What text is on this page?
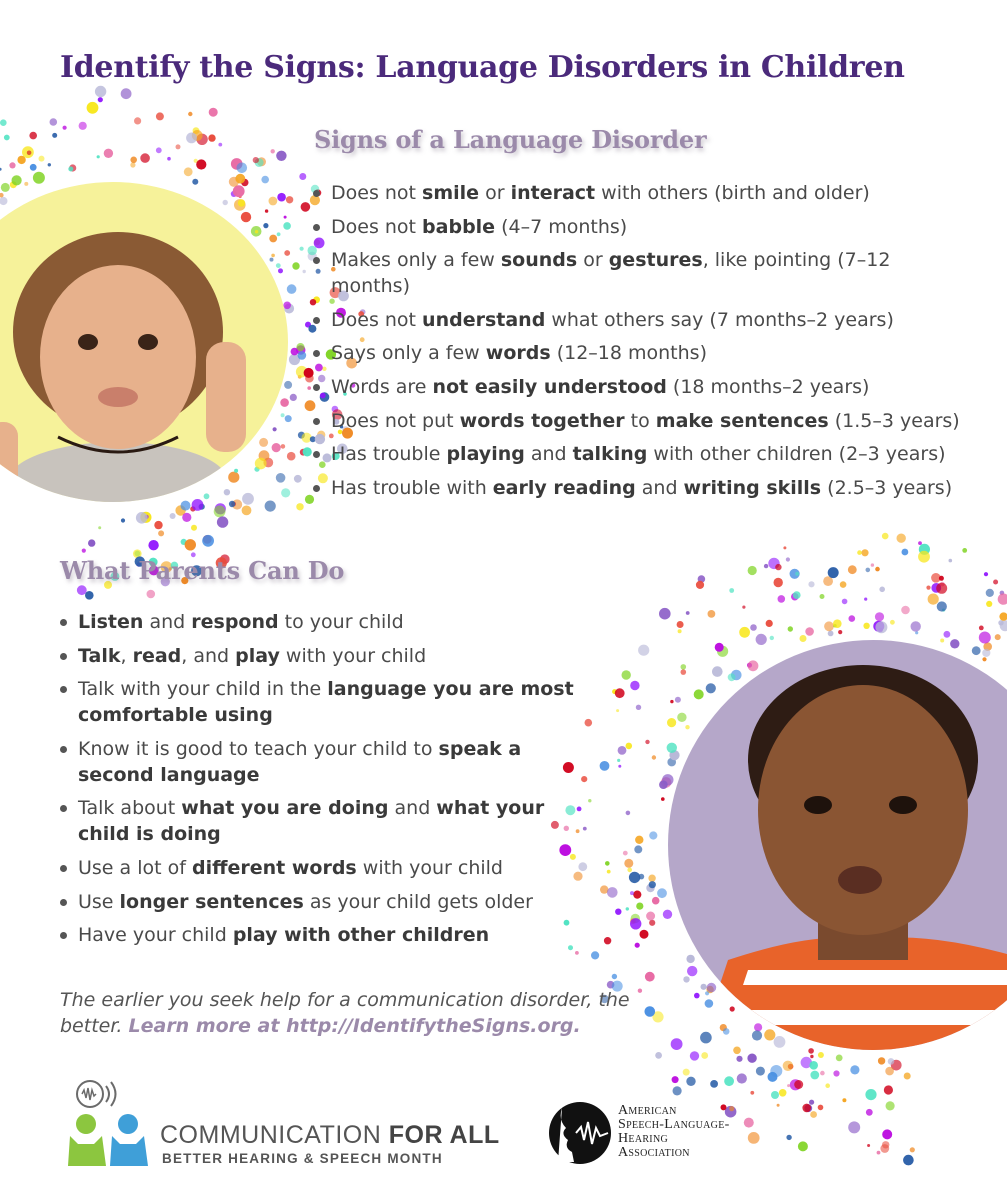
Identify the Signs: Language Disorders in Children
Signs of a Language Disorder
Does not smile or interact with others (birth and older)
Does not babble (4–7 months)
Makes only a few sounds or gestures, like pointing (7–12 months)
Does not understand what others say (7 months–2 years)
Says only a few words (12–18 months)
Words are not easily understood (18 months–2 years)
Does not put words together to make sentences (1.5–3 years)
Has trouble playing and talking with other children (2–3 years)
Has trouble with early reading and writing skills (2.5–3 years)
What Parents Can Do
Listen and respond to your child
Talk, read, and play with your child
Talk with your child in the language you are most comfortable using
Know it is good to teach your child to speak a second language
Talk about what you are doing and what your child is doing
Use a lot of different words with your child
Use longer sentences as your child gets older
Have your child play with other children

The earlier you seek help for a communication disorder, the better. Learn more at http://IdentifytheSigns.org.

COMMUNICATION FOR ALL
BETTER HEARING & SPEECH MONTH
American
Speech-Language-
Hearing
Association
